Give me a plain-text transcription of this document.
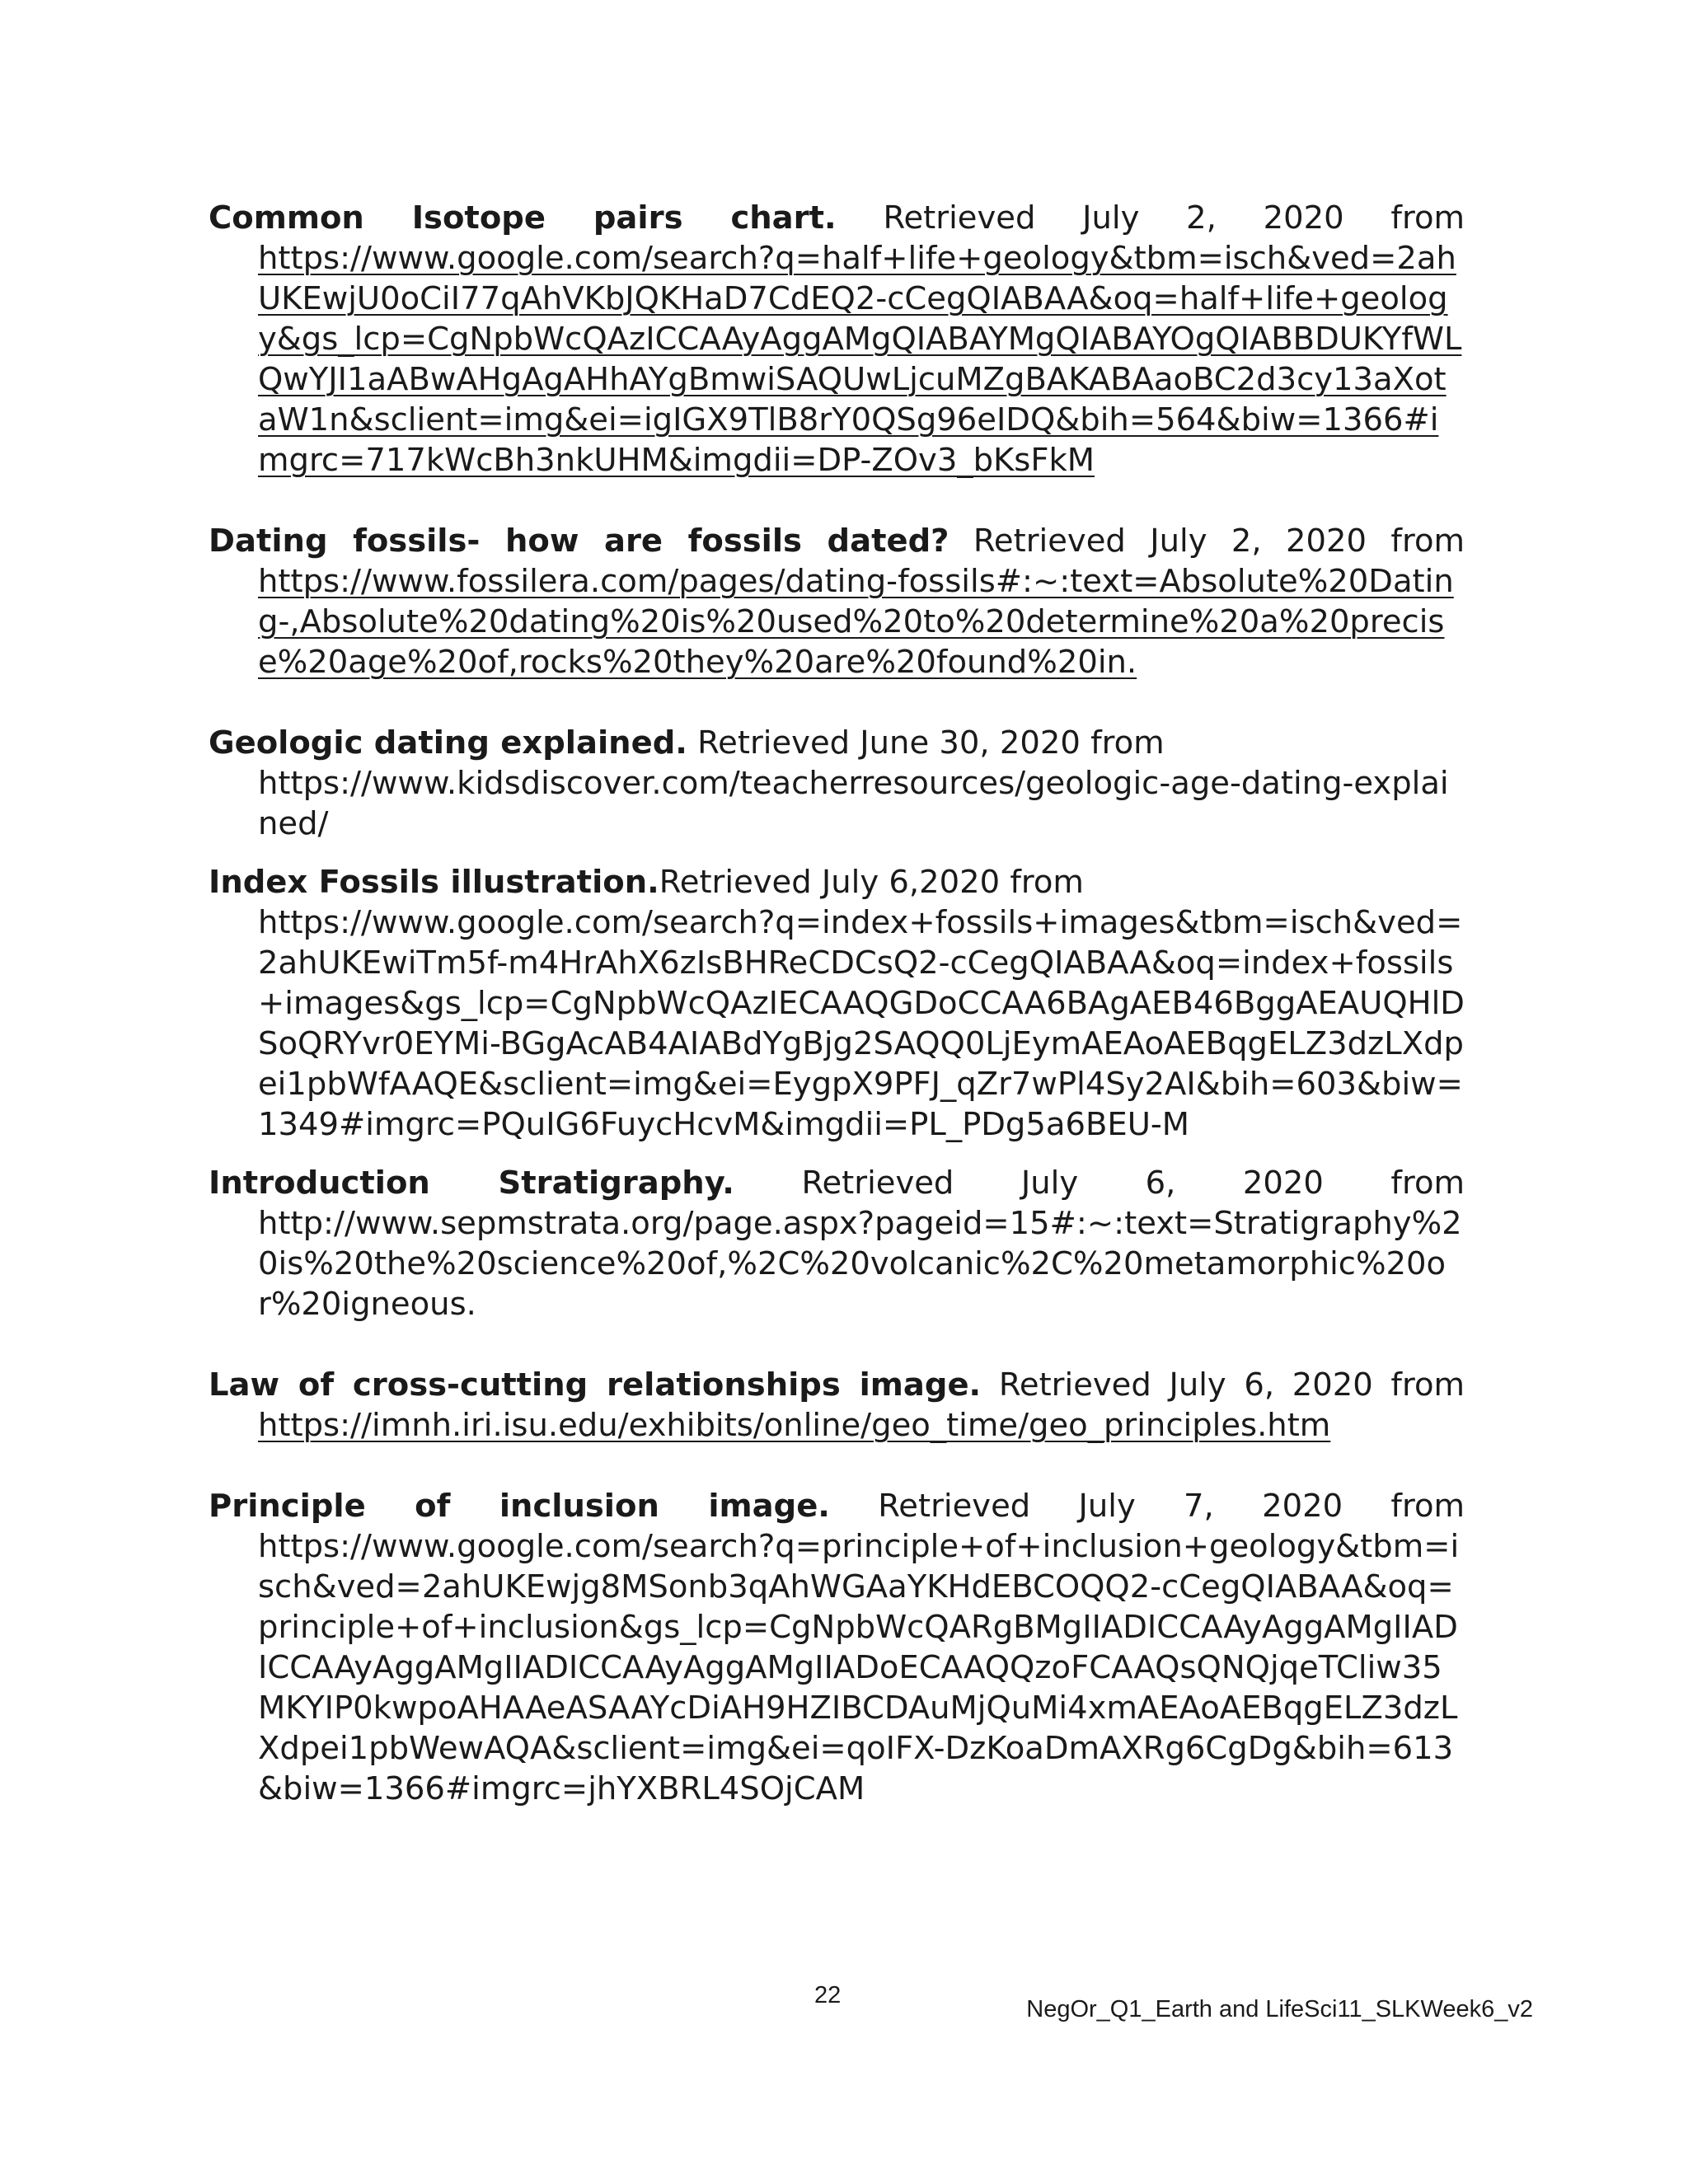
Common Isotope pairs chart. Retrieved July 2, 2020 from
https://www.google.com/search?q=half+life+geology&tbm=isch&ved=2ahUKEwjU0oCiI77qAhVKbJQKHaD7CdEQ2-cCegQIABAA&oq=half+life+geology&gs_lcp=CgNpbWcQAzICCAAyAggAMgQIABAYMgQIABAYOgQIABBDUKYfWLQwYJI1aABwAHgAgAHhAYgBmwiSAQUwLjcuMZgBAKABAaoBC2d3cy13aXotaW1n&sclient=img&ei=igIGX9TlB8rY0QSg96eIDQ&bih=564&biw=1366#imgrc=717kWcBh3nkUHM&imgdii=DP-ZOv3_bKsFkM
Dating fossils- how are fossils dated? Retrieved July 2, 2020 from
https://www.fossilera.com/pages/dating-fossils#:~:text=Absolute%20Dating-,Absolute%20dating%20is%20used%20to%20determine%20a%20precise%20age%20of,rocks%20they%20are%20found%20in.
Geologic dating explained. Retrieved June 30, 2020 from
https://www.kidsdiscover.com/teacherresources/geologic-age-dating-explained/
Index Fossils illustration.Retrieved July 6,2020 from
https://www.google.com/search?q=index+fossils+images&tbm=isch&ved=2ahUKEwiTm5f-m4HrAhX6zIsBHReCDCsQ2-cCegQIABAA&oq=index+fossils+images&gs_lcp=CgNpbWcQAzIECAAQGDoCCAA6BAgAEB46BggAEAUQHlDSoQRYvr0EYMi-BGgAcAB4AIABdYgBjg2SAQQ0LjEymAEAoAEBqgELZ3dzLXdpei1pbWfAAQE&sclient=img&ei=EygpX9PFJ_qZr7wPl4Sy2AI&bih=603&biw=1349#imgrc=PQuIG6FuycHcvM&imgdii=PL_PDg5a6BEU-M
Introduction Stratigraphy. Retrieved July 6, 2020 from
http://www.sepmstrata.org/page.aspx?pageid=15#:~:text=Stratigraphy%20is%20the%20science%20of,%2C%20volcanic%2C%20metamorphic%20or%20igneous.
Law of cross-cutting relationships image. Retrieved July 6, 2020 from
https://imnh.iri.isu.edu/exhibits/online/geo_time/geo_principles.htm
Principle of inclusion image. Retrieved July 7, 2020 from
https://www.google.com/search?q=principle+of+inclusion+geology&tbm=isch&ved=2ahUKEwjg8MSonb3qAhWGAaYKHdEBCOQQ2-cCegQIABAA&oq=principle+of+inclusion&gs_lcp=CgNpbWcQARgBMgIIADICCAAyAggAMgIIADICCAAyAggAMgIIADICCAAyAggAMgIIADoECAAQQzoFCAAQsQNQjqeTCliw35MKYIP0kwpoAHAAeASAAYcDiAH9HZIBCDAuMjQuMi4xmAEAoAEBqgELZ3dzLXdpei1pbWewAQA&sclient=img&ei=qoIFX-DzKoaDmAXRg6CgDg&bih=613&biw=1366#imgrc=jhYXBRL4SOjCAM
22
NegOr_Q1_Earth and LifeSci11_SLKWeek6_v2
